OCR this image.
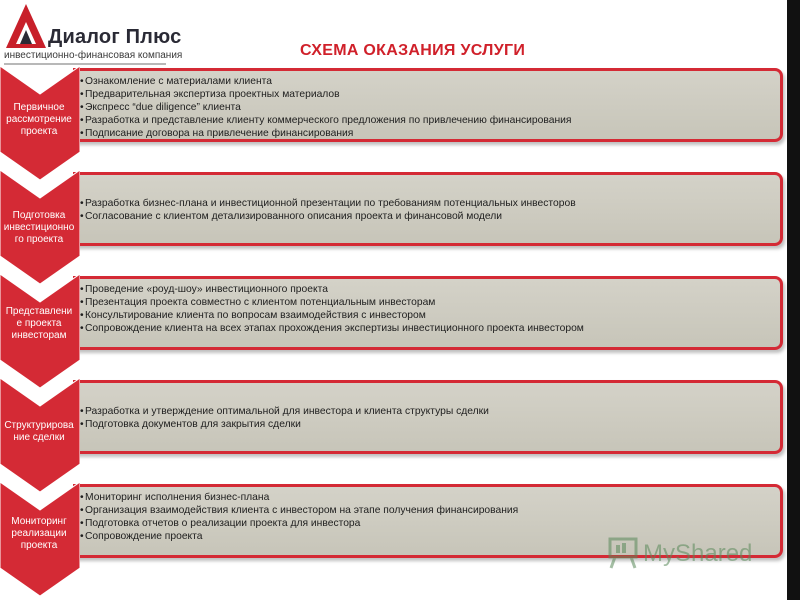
Диалог Плюс
инвестиционно-финансовая компания	СХЕМА ОКАЗАНИЯ УСЛУГИ
• Ознакомление с материалами клиента
• Предварительная экспертиза проектных материалов
• Экспресс “due diligence” клиента
• Разработка и представление клиенту коммерческого предложения по привлечению финансирования
• Подписание договора на привлечение финансирования
Первичное рассмотрение проекта
• Разработка бизнес-плана и инвестиционной презентации по требованиям потенциальных инвесторов
• Согласование с клиентом детализированного описания проекта и финансовой модели
Подготовка инвестиционно го проекта
• Проведение «роуд-шоу» инвестиционного проекта
• Презентация проекта совместно с клиентом потенциальным инвесторам
• Консультирование клиента по вопросам взаимодействия с инвестором
• Сопровождение клиента на всех этапах прохождения экспертизы инвестиционного проекта инвестором
Представлени е проекта инвесторам
• Разработка и утверждение оптимальной для инвестора и клиента структуры сделки
• Подготовка документов для закрытия сделки
Структурирова ние сделки
• Мониторинг исполнения бизнес-плана
• Организация взаимодействия клиента с инвестором на этапе получения финансирования
• Подготовка отчетов о реализации проекта для инвестора
• Сопровождение проекта
Мониторинг реализации проекта	MyShared
